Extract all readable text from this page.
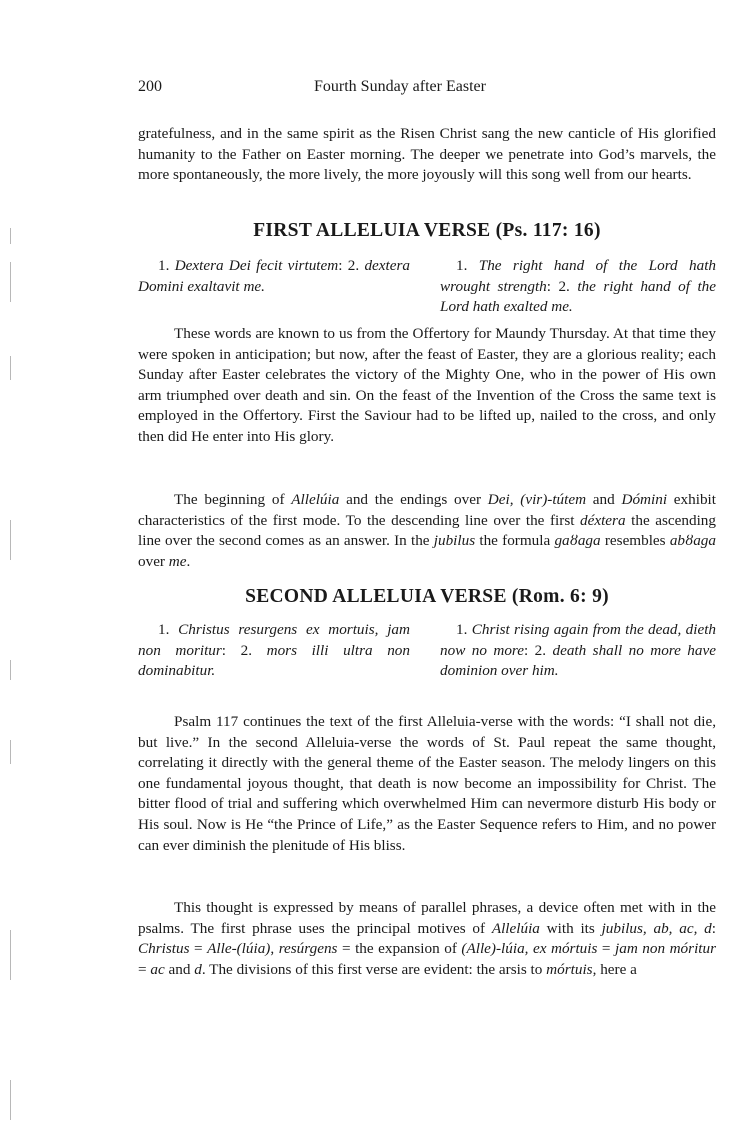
200	Fourth Sunday after Easter

gratefulness, and in the same spirit as the Risen Christ sang the new canticle of His glorified humanity to the Father on Easter morning. The deeper we penetrate into God’s marvels, the more spontaneously, the more lively, the more joyously will this song well from our hearts.

FIRST ALLELUIA VERSE (Ps. 117: 16)

1. Dextera Dei fecit virtutem: 2. dextera Domini exaltavit me.

1. The right hand of the Lord hath wrought strength: 2. the right hand of the Lord hath exalted me.

These words are known to us from the Offertory for Maundy Thursday. At that time they were spoken in anticipation; but now, after the feast of Easter, they are a glorious reality; each Sunday after Easter celebrates the victory of the Mighty One, who in the power of His own arm triumphed over death and sin. On the feast of the Invention of the Cross the same text is employed in the Offertory. First the Saviour had to be lifted up, nailed to the cross, and only then did He enter into His glory.

The beginning of Allelúia and the endings over Dei, (vir)-tútem and Dómini exhibit characteristics of the first mode. To the descending line over the first déxtera the ascending line over the second comes as an answer. In the jubilus the formula gaȣaga resembles abȣaga over me.

SECOND ALLELUIA VERSE (Rom. 6: 9)

1. Christus resurgens ex mortuis, jam non moritur: 2. mors illi ultra non dominabitur.

1. Christ rising again from the dead, dieth now no more: 2. death shall no more have dominion over him.

Psalm 117 continues the text of the first Alleluia-verse with the words: “I shall not die, but live.” In the second Alleluia-verse the words of St. Paul repeat the same thought, correlating it directly with the general theme of the Easter season. The melody lingers on this one fundamental joyous thought, that death is now become an impossibility for Christ. The bitter flood of trial and suffering which overwhelmed Him can nevermore disturb His body or His soul. Now is He “the Prince of Life,” as the Easter Sequence refers to Him, and no power can ever diminish the plenitude of His bliss.

This thought is expressed by means of parallel phrases, a device often met with in the psalms. The first phrase uses the principal motives of Allelúia with its jubilus, ab, ac, d: Christus = Alle-(lúia), resúrgens = the expansion of (Alle)-lúia, ex mórtuis = jam non móritur = ac and d. The divisions of this first verse are evident: the arsis to mórtuis, here a
